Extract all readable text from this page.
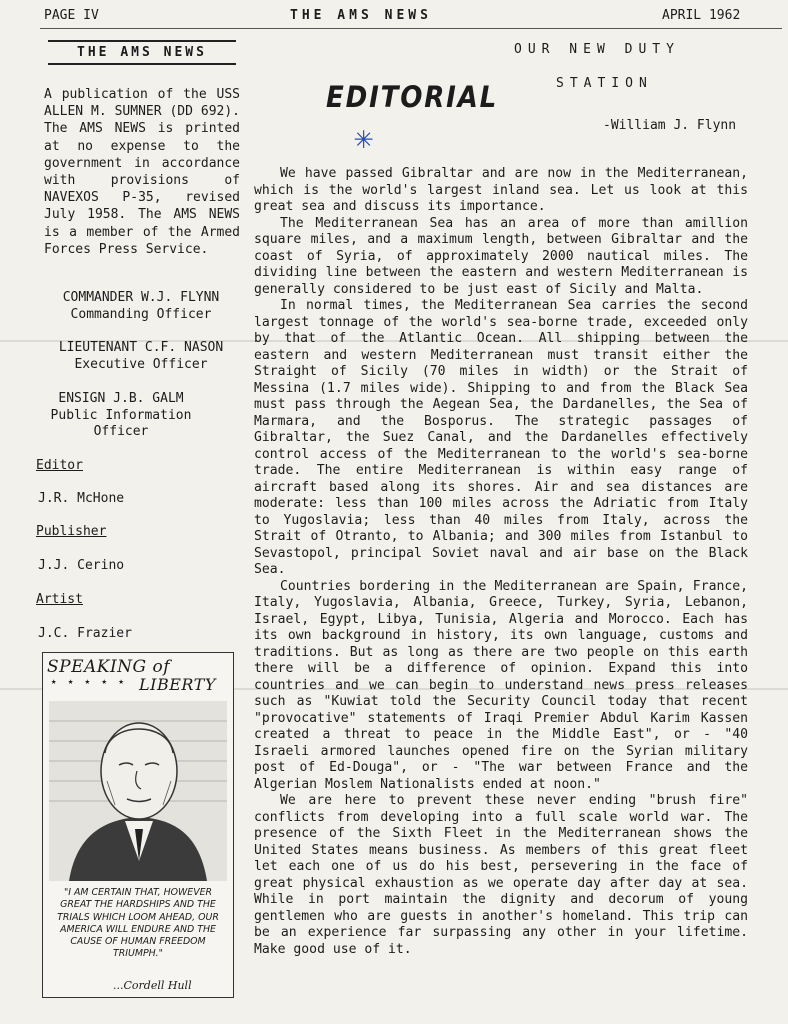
PAGE IV	THE AMS NEWS	APRIL 1962
THE AMS NEWS
A publication of the USS ALLEN M. SUMNER (DD 692). The AMS NEWS is printed at no expense to the government in accordance with provisions of NAVEXOS P-35, revised July 1958. The AMS NEWS is a member of the Armed Forces Press Service.
COMMANDER W.J. FLYNN
Commanding Officer
LIEUTENANT C.F. NASON
Executive Officer
ENSIGN J.B. GALM
Public Information Officer
Editor
J.R. McHone
Publisher
J.J. Cerino
Artist
J.C. Frazier
SPEAKING of
LIBERTY
★ ★ ★ ★ ★
"I AM CERTAIN THAT, HOWEVER GREAT THE HARDSHIPS AND THE TRIALS WHICH LOOM AHEAD, OUR AMERICA WILL ENDURE AND THE CAUSE OF HUMAN FREEDOM TRIUMPH."
...Cordell Hull
OUR NEW DUTY
STATION
EDITORIAL
✳	-William J. Flynn

We have passed Gibraltar and are now in the Mediterranean, which is the world's largest inland sea. Let us look at this great sea and discuss its importance.

The Mediterranean Sea has an area of more than amillion square miles, and a maximum length, between Gibraltar and the coast of Syria, of approximately 2000 nautical miles. The dividing line between the eastern and western Mediterranean is generally considered to be just east of Sicily and Malta.

In normal times, the Mediterranean Sea carries the second largest tonnage of the world's sea-borne trade, exceeded only by that of the Atlantic Ocean. All shipping between the eastern and western Mediterranean must transit either the Straight of Sicily (70 miles in width) or the Strait of Messina (1.7 miles wide). Shipping to and from the Black Sea must pass through the Aegean Sea, the Dardanelles, the Sea of Marmara, and the Bosporus. The strategic passages of Gibraltar, the Suez Canal, and the Dardanelles effectively control access of the Mediterranean to the world's sea-borne trade. The entire Mediterranean is within easy range of aircraft based along its shores. Air and sea distances are moderate: less than 100 miles across the Adriatic from Italy to Yugoslavia; less than 40 miles from Italy, across the Strait of Otranto, to Albania; and 300 miles from Istanbul to Sevastopol, principal Soviet naval and air base on the Black Sea.

Countries bordering in the Mediterranean are Spain, France, Italy, Yugoslavia, Albania, Greece, Turkey, Syria, Lebanon, Israel, Egypt, Libya, Tunisia, Algeria and Morocco. Each has its own background in history, its own language, customs and traditions. But as long as there are two people on this earth there will be a difference of opinion. Expand this into countries and we can begin to understand news press releases such as "Kuwiat told the Security Council today that recent "provocative" statements of Iraqi Premier Abdul Karim Kassen created a threat to peace in the Middle East", or - "40 Israeli armored launches opened fire on the Syrian military post of Ed-Douga", or - "The war between France and the Algerian Moslem Nationalists ended at noon."

We are here to prevent these never ending "brush fire" conflicts from developing into a full scale world war. The presence of the Sixth Fleet in the Mediterranean shows the United States means business. As members of this great fleet let each one of us do his best, persevering in the face of great physical exhaustion as we operate day after day at sea. While in port maintain the dignity and decorum of young gentlemen who are guests in another's homeland. This trip can be an experience far surpassing any other in your lifetime. Make good use of it.
